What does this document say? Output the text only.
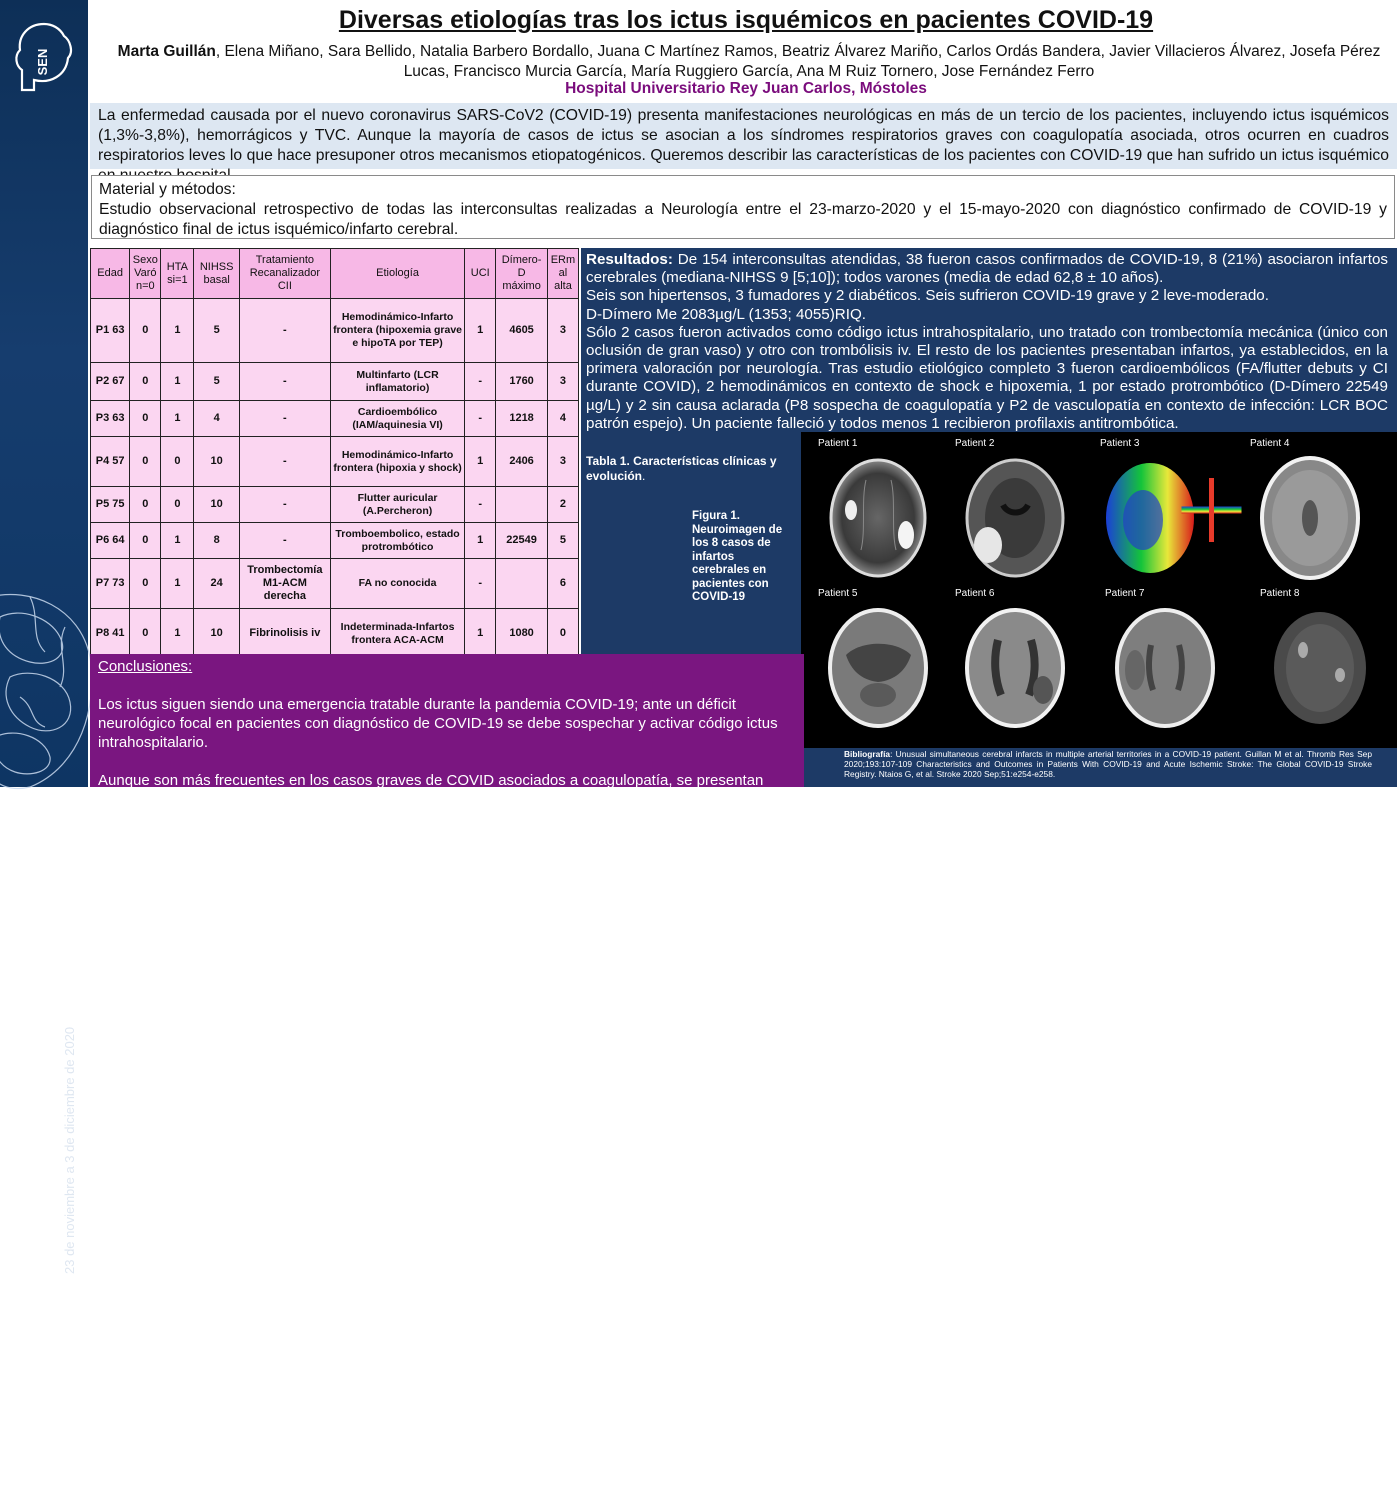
SEN
LXXII REUNIÓN ANUAL DE LA SOCIEDAD ESPAÑOLA DE NEUROLOGÍA 23 de noviembre a 3 de diciembre de 2020
Diversas etiologías tras los ictus isquémicos en pacientes COVID-19
Marta Guillán, Elena Miñano, Sara Bellido, Natalia Barbero Bordallo, Juana C Martínez Ramos, Beatriz Álvarez Mariño, Carlos Ordás Bandera, Javier Villacieros Álvarez, Josefa Pérez Lucas, Francisco Murcia García, María Ruggiero García, Ana M Ruiz Tornero, Jose Fernández Ferro
Hospital Universitario Rey Juan Carlos, Móstoles
La enfermedad causada por el nuevo coronavirus SARS-CoV2 (COVID-19) presenta manifestaciones neurológicas en más de un tercio de los pacientes, incluyendo ictus isquémicos (1,3%-3,8%), hemorrágicos y TVC. Aunque la mayoría de casos de ictus se asocian a los síndromes respiratorios graves con coagulopatía asociada, otros ocurren en cuadros respiratorios leves lo que hace presuponer otros mecanismos etiopatogénicos. Queremos describir las características de los pacientes con COVID-19 que han sufrido un ictus isquémico
Material y métodos:
Estudio observacional retrospectivo de todas las interconsultas realizadas a Neurología entre el 23-marzo-2020 y el 15-mayo-2020 con diagnóstico confirmado de COVID-19 y diagnóstico final de ictus isquémico/infarto cerebral.
Edad	Sexo Varó n=0	HTA si=1	NIHSS basal	Tratamiento Recanalizador CII	Etiología	UCI	Dímero-D máximo	ERm al alta
P1 63	0	1	5	-	Hemodinámico-Infarto frontera (hipoxemia grave e hipoTA por TEP)	1	4605	3
P2 67	0	1	5	-	Multinfarto (LCR inflamatorio)	-	1760	3
P3 63	0	1	4	-	Cardioembólico (IAM/aquinesia VI)	-	1218	4
P4 57	0	0	10	-	Hemodinámico-Infarto frontera (hipoxia y shock)	1	2406	3
P5 75	0	0	10	-	Flutter auricular (A.Percheron)	-		2
P6 64	0	1	8	-	Tromboembolico, estado protrombótico	1	22549	5
P7 73	0	1	24	Trombectomía M1-ACM derecha	FA no conocida	-		6
P8 41	0	1	10	Fibrinolisis iv	Indeterminada-Infartos frontera ACA-ACM	1	1080	0
Resultados: De 154 interconsultas atendidas, 38 fueron casos confirmados de COVID-19, 8 (21%) asociaron infartos cerebrales (mediana-NIHSS 9 [5;10]); todos varones (media de edad 62,8 ± 10 años).
Seis son hipertensos, 3 fumadores y 2 diabéticos. Seis sufrieron COVID-19 grave y 2 leve-moderado.
D-Dímero Me 2083µg/L (1353; 4055)RIQ.
Sólo 2 casos fueron activados como código ictus intrahospitalario, uno tratado con trombectomía mecánica (único con oclusión de gran vaso) y otro con trombólisis iv. El resto de los pacientes presentaban infartos, ya establecidos, en la primera valoración por neurología. Tras estudio etiológico completo 3 fueron cardioembólicos (FA/flutter debuts y CI durante COVID), 2 hemodinámicos en contexto de shock e hipoxemia, 1 por estado protrombótico (D-Dímero 22549 µg/L) y 2 sin causa aclarada (P8 sospecha de coagulopatía y P2 de vasculopatía en contexto de infección: LCR BOC patrón espejo). Un paciente falleció y todos menos 1 recibieron profilaxis antitrombótica.
Tabla 1. Características clínicas y evolución.
Figura 1. Neuroimagen de los 8 casos de infartos cerebrales en pacientes con COVID-19
Patient 1	Patient 2	Patient 3	Patient 4
Patient 5	Patient 6	Patient 7	Patient 8
Conclusiones:

Los ictus siguen siendo una emergencia tratable durante la pandemia COVID-19; ante un déficit neurológico focal en pacientes con diagnóstico de COVID-19 se debe sospechar y activar código ictus intrahospitalario.

Aunque son más frecuentes en los casos graves de COVID asociados a coagulopatía, se presentan también en casos leve-moderados sin coagulopatía franca, presumiblemente por otros mecanismos.

Bibliografía: Unusual simultaneous cerebral infarcts in multiple arterial territories in a COVID-19 patient. Guillan M et al. Thromb Res Sep 2020;193:107-109 Characteristics and Outcomes in Patients With COVID-19 and Acute Ischemic Stroke: The Global COVID-19 Stroke Registry. Ntaios G, et al. Stroke 2020 Sep;51:e254-e258.
